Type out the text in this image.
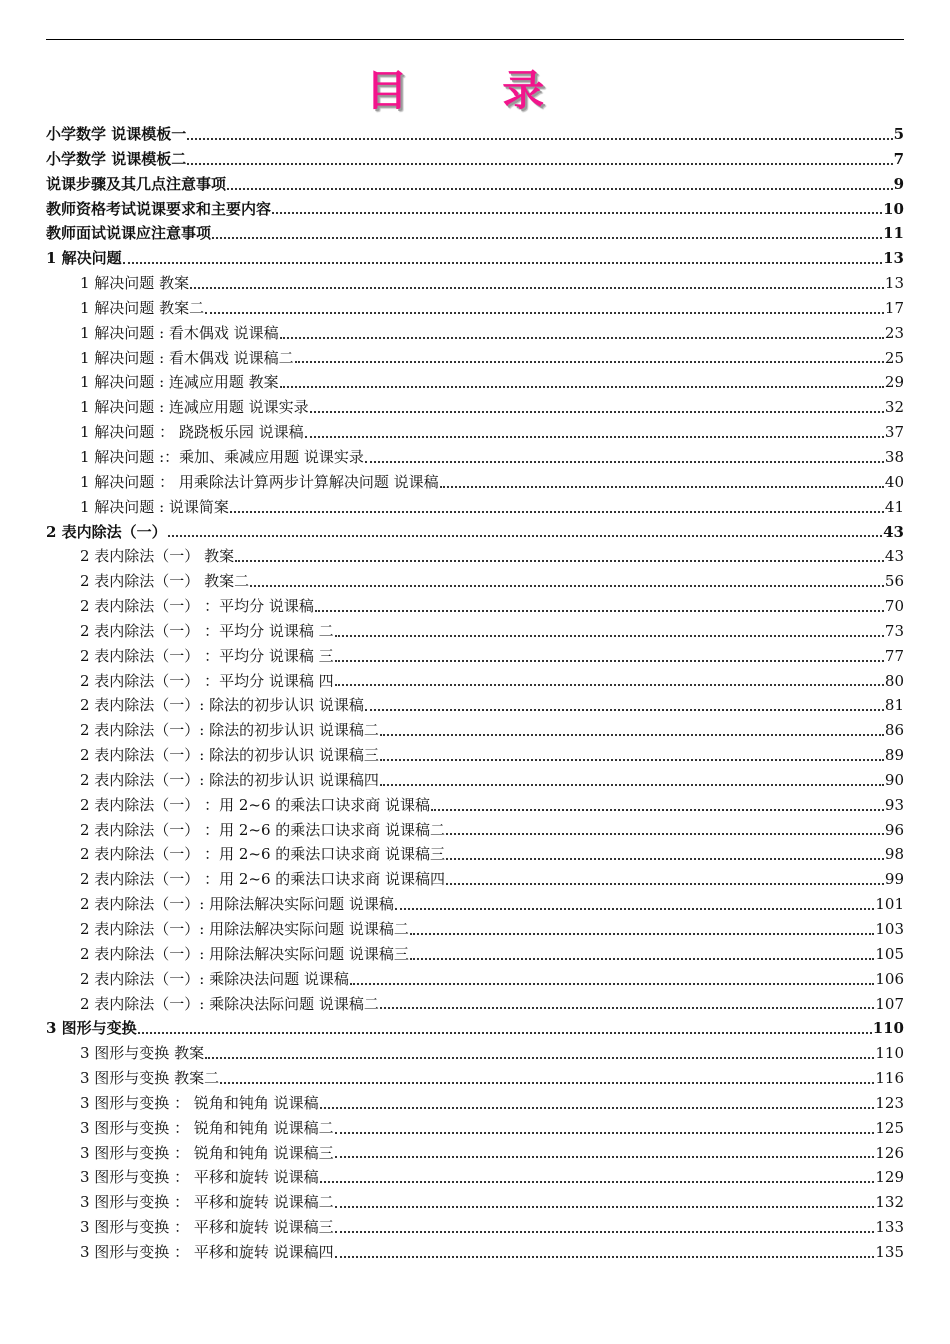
目 录
小学数学 说课模板一	5
小学数学 说课模板二	7
说课步骤及其几点注意事项	9
教师资格考试说课要求和主要内容	10
教师面试说课应注意事项	11
1 解决问题	13
1 解决问题 教案	13
1 解决问题 教案二	17
1 解决问题 : 看木偶戏 说课稿	23
1 解决问题 : 看木偶戏 说课稿二	25
1 解决问题 : 连减应用题 教案	29
1 解决问题 : 连减应用题 说课实录	32
1 解决问题 ： 跷跷板乐园 说课稿	37
1 解决问题 :：乘加、乘减应用题 说课实录	38
1 解决问题 ： 用乘除法计算两步计算解决问题 说课稿	40
1 解决问题 : 说课简案	41
2 表内除法（一）	43
2 表内除法（一） 教案	43
2 表内除法（一） 教案二	56
2 表内除法（一） ：平均分 说课稿	70
2 表内除法（一） ：平均分 说课稿 二	73
2 表内除法（一） ：平均分 说课稿 三	77
2 表内除法（一） ：平均分 说课稿 四	80
2 表内除法（一）: 除法的初步认识 说课稿	81
2 表内除法（一）: 除法的初步认识 说课稿二	86
2 表内除法（一）: 除法的初步认识 说课稿三	89
2 表内除法（一）: 除法的初步认识 说课稿四	90
2 表内除法（一） ：用 2~6 的乘法口诀求商 说课稿	93
2 表内除法（一） ：用 2~6 的乘法口诀求商 说课稿二	96
2 表内除法（一） ：用 2~6 的乘法口诀求商 说课稿三	98
2 表内除法（一） ：用 2~6 的乘法口诀求商 说课稿四	99
2 表内除法（一）: 用除法解决实际问题 说课稿	101
2 表内除法（一）: 用除法解决实际问题 说课稿二	103
2 表内除法（一）: 用除法解决实际问题 说课稿三	105
2 表内除法（一）: 乘除决法问题 说课稿	106
2 表内除法（一）: 乘除决法际问题 说课稿二	107
3 图形与变换	110
3 图形与变换 教案	110
3 图形与变换 教案二	116
3 图形与变换 ： 锐角和钝角 说课稿	123
3 图形与变换 ： 锐角和钝角 说课稿二	125
3 图形与变换 ： 锐角和钝角 说课稿三	126
3 图形与变换 ： 平移和旋转 说课稿	129
3 图形与变换 ： 平移和旋转 说课稿二	132
3 图形与变换 ： 平移和旋转 说课稿三	133
3 图形与变换 ： 平移和旋转 说课稿四	135
